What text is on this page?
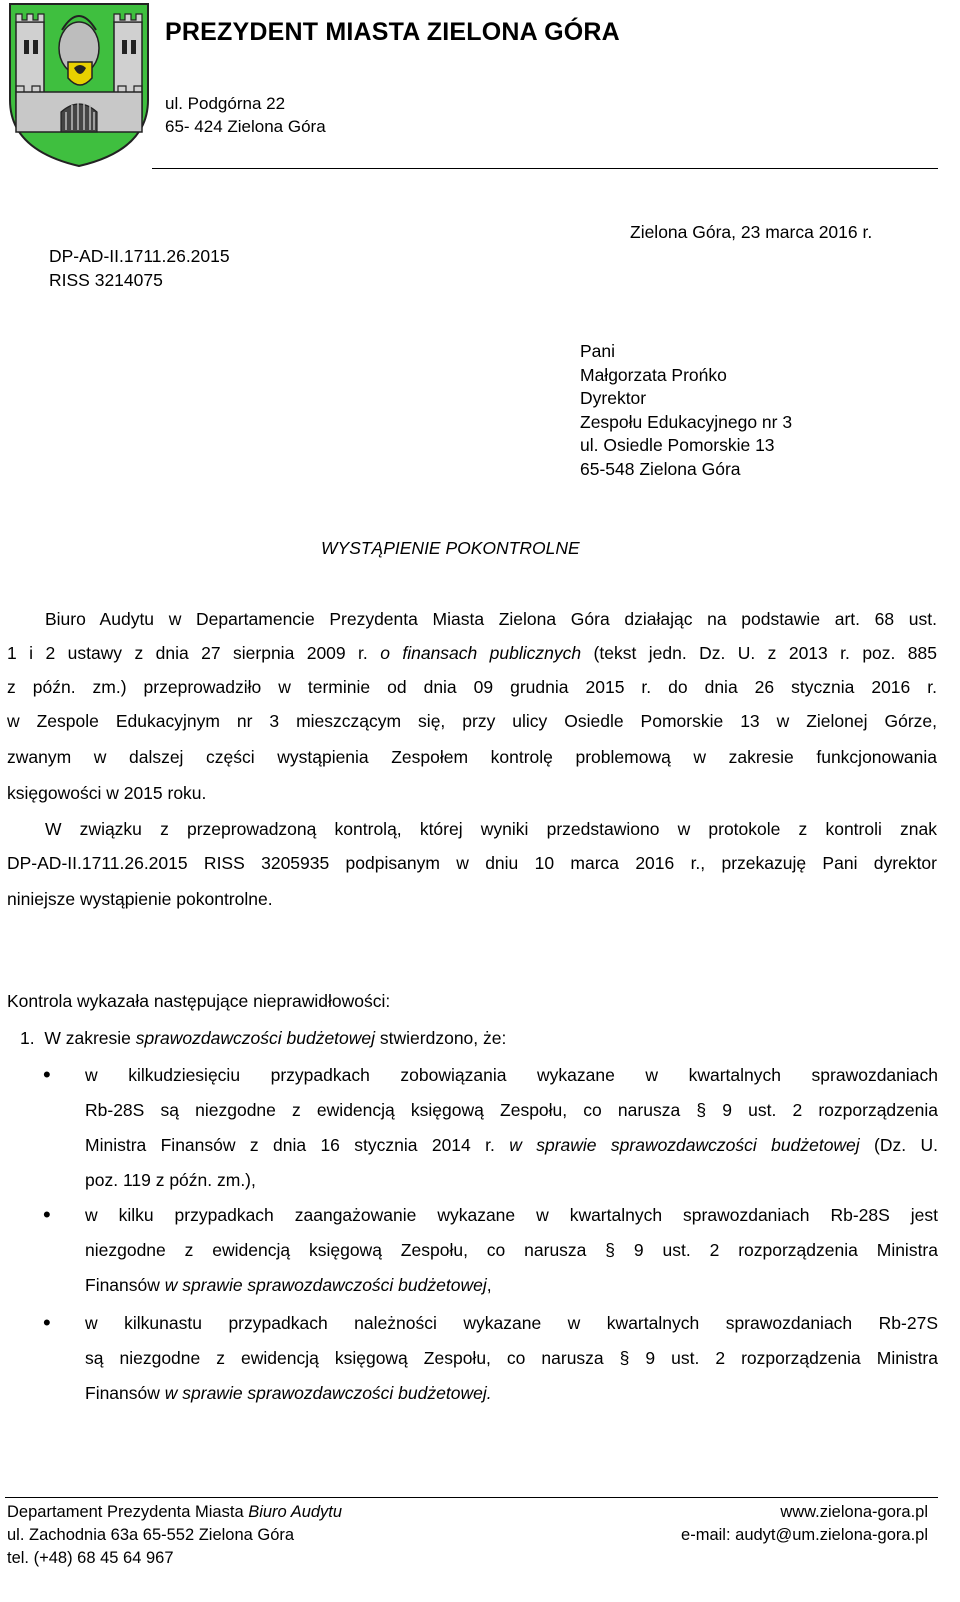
PREZYDENT MIASTA ZIELONA GÓRA
ul. Podgórna 22
65- 424 Zielona Góra
DP-AD-II.1711.26.2015
RISS 3214075
Zielona Góra, 23 marca 2016 r.
Pani
Małgorzata Prońko
Dyrektor
Zespołu Edukacyjnego nr 3
ul. Osiedle Pomorskie 13
65-548 Zielona Góra
WYSTĄPIENIE POKONTROLNE
Biuro Audytu w Departamencie Prezydenta Miasta Zielona Góra działając na podstawie art. 68 ust.
1 i 2 ustawy z dnia 27 sierpnia 2009 r. o finansach publicznych (tekst jedn. Dz. U. z 2013 r. poz. 885
z późn. zm.) przeprowadziło w terminie od dnia 09 grudnia 2015 r. do dnia 26 stycznia 2016 r.
w Zespole Edukacyjnym nr 3 mieszczącym się, przy ulicy Osiedle Pomorskie 13 w Zielonej Górze,
zwanym w dalszej części wystąpienia Zespołem kontrolę problemową w zakresie funkcjonowania
księgowości w 2015 roku.
W związku z przeprowadzoną kontrolą, której wyniki przedstawiono w protokole z kontroli znak
DP-AD-II.1711.26.2015 RISS 3205935 podpisanym w dniu 10 marca 2016 r., przekazuję Pani dyrektor
niniejsze wystąpienie pokontrolne.
Kontrola wykazała następujące nieprawidłowości:
1. W zakresie sprawozdawczości budżetowej stwierdzono, że:
• w kilkudziesięciu przypadkach zobowiązania wykazane w kwartalnych sprawozdaniach
Rb-28S są niezgodne z ewidencją księgową Zespołu, co narusza § 9 ust. 2 rozporządzenia
Ministra Finansów z dnia 16 stycznia 2014 r. w sprawie sprawozdawczości budżetowej (Dz. U.
poz. 119 z późn. zm.),
• w kilku przypadkach zaangażowanie wykazane w kwartalnych sprawozdaniach Rb-28S jest
niezgodne z ewidencją księgową Zespołu, co narusza § 9 ust. 2 rozporządzenia Ministra
Finansów w sprawie sprawozdawczości budżetowej,
• w kilkunastu przypadkach należności wykazane w kwartalnych sprawozdaniach Rb-27S
są niezgodne z ewidencją księgową Zespołu, co narusza § 9 ust. 2 rozporządzenia Ministra
Finansów w sprawie sprawozdawczości budżetowej.
Departament Prezydenta Miasta Biuro Audytu
ul. Zachodnia 63a 65-552 Zielona Góra
tel. (+48) 68 45 64 967
www.zielona-gora.pl
e-mail: audyt@um.zielona-gora.pl
